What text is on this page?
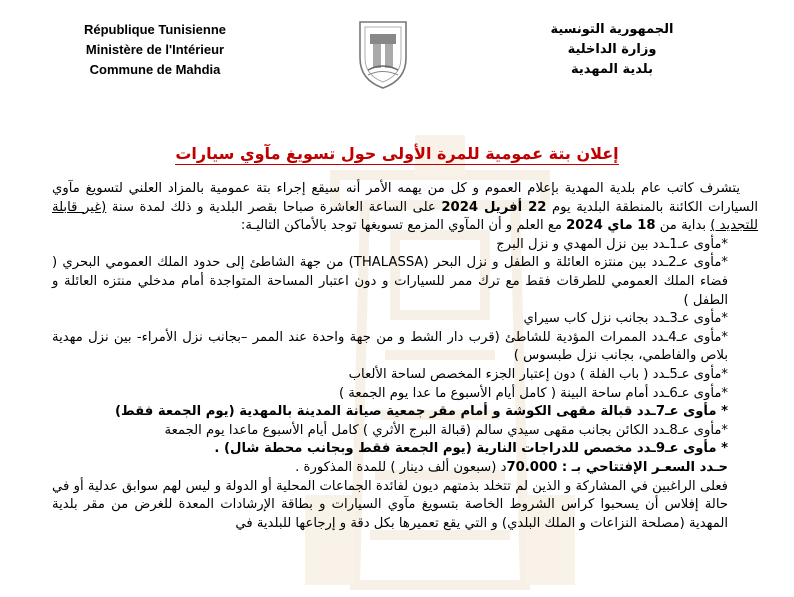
République Tunisienne
Ministère de l'Intérieur
Commune de Mahdia
الجمهورية التونسية
وزارة الداخلية
بلدية المهدية
إعلان بتة عمومية للمرة الأولى حول تسويغ مآوي سيارات

يتشرف كاتب عام بلدية المهدية بإعلام العموم و كل من يهمه الأمر أنه سيقع إجراء بتة عمومية بالمزاد العلني لتسويغ مآوي السيارات الكائنة بالمنطقة البلدية يوم 22 أفريل 2024 على الساعة العاشرة صباحا بقصر البلدية و ذلك لمدة سنة (غير قابلة للتجديد ) بداية من 18 ماي 2024 مع العلم و أن المآوي المزمع تسويغها توجد بالأماكن التاليـة:

*مأوى عـ1ـدد بين نزل المهدي و نزل البرج

*مأوى عـ2ـدد بين منتزه العائلة و الطفل و نزل البحر (THALASSA) من جهة الشاطئ إلى حدود الملك العمومي البحري ( فضاء الملك العمومي للطرقات فقط مع ترك ممر للسيارات و دون اعتبار المساحة المتواجدة أمام مدخلي منتزه العائلة و الطفل )

*مأوى عـ3ـدد بجانب نزل كاب سيراي

*مأوى عـ4ـدد الممرات المؤدية للشاطئ (قرب دار الشط و من جهة واحدة عند الممر –بجانب نزل الأمراء- بين نزل مهدية بلاص والفاطمي، بجانب نزل طبسوس )

*مأوى عـ5ـدد ( باب الفلة ) دون إعتبار الجزء المخصص لساحة الألعاب

*مأوى عـ6ـدد أمام ساحة البينة ( كامل أيام الأسبوع ما عدا يوم الجمعة )

* مأوى عـ7ـدد قبالة مقهى الكوشة و أمام مقر جمعية صيانة المدينة بالمهدية (يوم الجمعة فقط)

*مأوى عـ8ـدد الكائن بجانب مقهى سيدي سالم (قبالة البرج الأثري ) كامل أيام الأسبوع ماعدا يوم الجمعة

* مأوى عـ9ـدد مخصص للدراجات النارية (يوم الجمعة فقط وبجانب محطة شال) .

حـدد السعـر الإفتتاحي بـ : 70.000د (سبعون ألف دينار ) للمدة المذكورة .

فعلى الراغبين في المشاركة و الذين لم تتخلد بذمتهم ديون لفائدة الجماعات المحلية أو الدولة و ليس لهم سوابق عدلية أو في حالة إفلاس أن يسحبوا كراس الشروط الخاصة بتسويغ مآوي السيارات و بطاقة الإرشادات المعدة للغرض من مقر بلدية المهدية (مصلحة النزاعات و الملك البلدي) و التي يقع تعميرها بكل دقة و إرجاعها للبلدية في
